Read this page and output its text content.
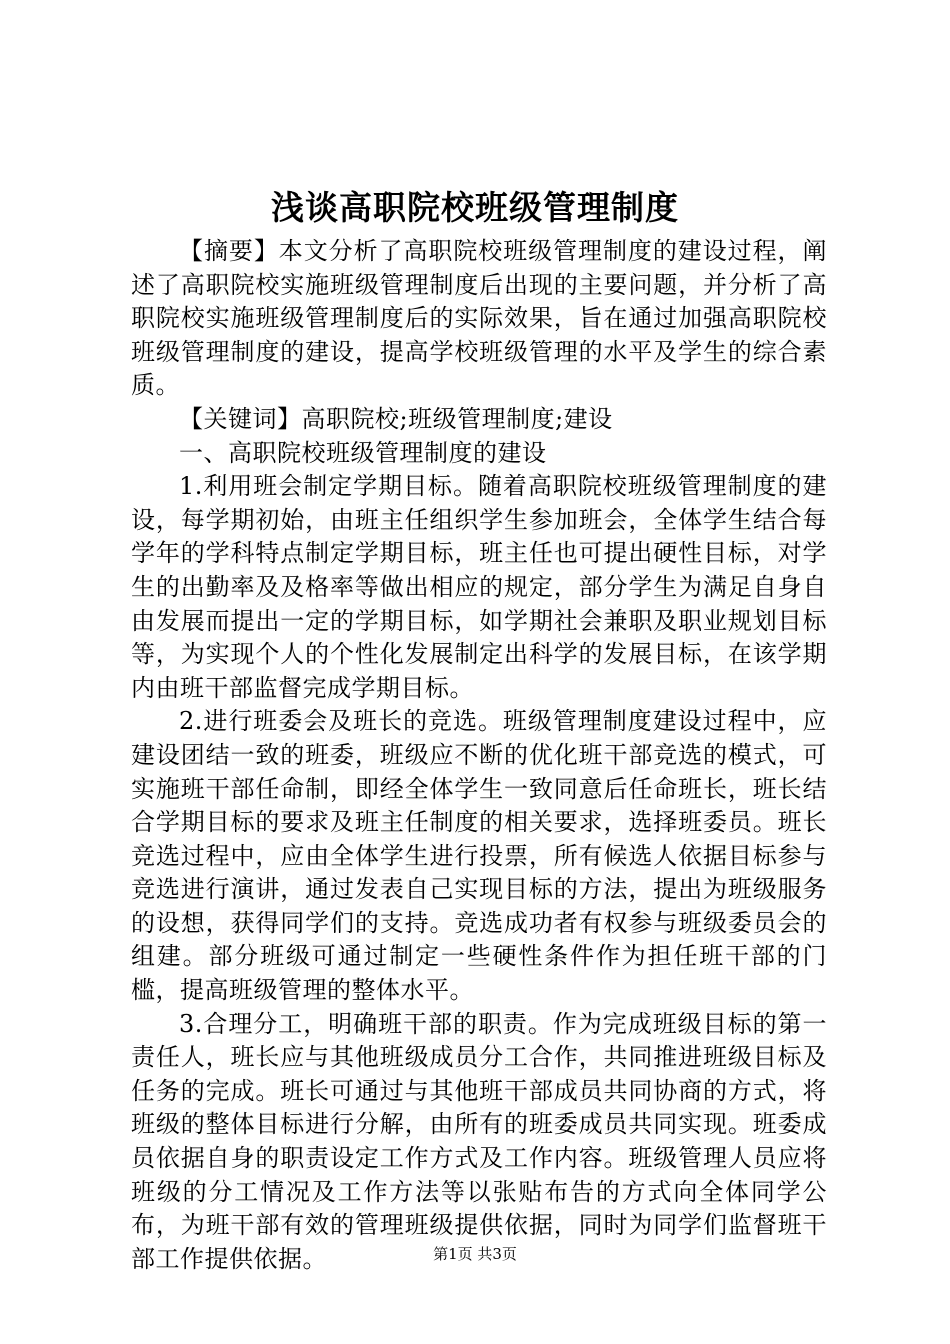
浅谈高职院校班级管理制度

【摘要】本文分析了高职院校班级管理制度的建设过程，阐述了高职院校实施班级管理制度后出现的主要问题，并分析了高职院校实施班级管理制度后的实际效果，旨在通过加强高职院校班级管理制度的建设，提高学校班级管理的水平及学生的综合素质。

【关键词】高职院校;班级管理制度;建设

一、高职院校班级管理制度的建设

1.利用班会制定学期目标。随着高职院校班级管理制度的建设，每学期初始，由班主任组织学生参加班会，全体学生结合每学年的学科特点制定学期目标，班主任也可提出硬性目标，对学生的出勤率及及格率等做出相应的规定，部分学生为满足自身自由发展而提出一定的学期目标，如学期社会兼职及职业规划目标等，为实现个人的个性化发展制定出科学的发展目标，在该学期内由班干部监督完成学期目标。

2.进行班委会及班长的竞选。班级管理制度建设过程中，应建设团结一致的班委，班级应不断的优化班干部竞选的模式，可实施班干部任命制，即经全体学生一致同意后任命班长，班长结合学期目标的要求及班主任制度的相关要求，选择班委员。班长竞选过程中，应由全体学生进行投票，所有候选人依据目标参与竞选进行演讲，通过发表自己实现目标的方法，提出为班级服务的设想，获得同学们的支持。竞选成功者有权参与班级委员会的组建。部分班级可通过制定一些硬性条件作为担任班干部的门槛，提高班级管理的整体水平。

3.合理分工，明确班干部的职责。作为完成班级目标的第一责任人，班长应与其他班级成员分工合作，共同推进班级目标及任务的完成。班长可通过与其他班干部成员共同协商的方式，将班级的整体目标进行分解，由所有的班委成员共同实现。班委成员依据自身的职责设定工作方式及工作内容。班级管理人员应将班级的分工情况及工作方法等以张贴布告的方式向全体同学公布，为班干部有效的管理班级提供依据，同时为同学们监督班干部工作提供依据。	第1页 共3页
